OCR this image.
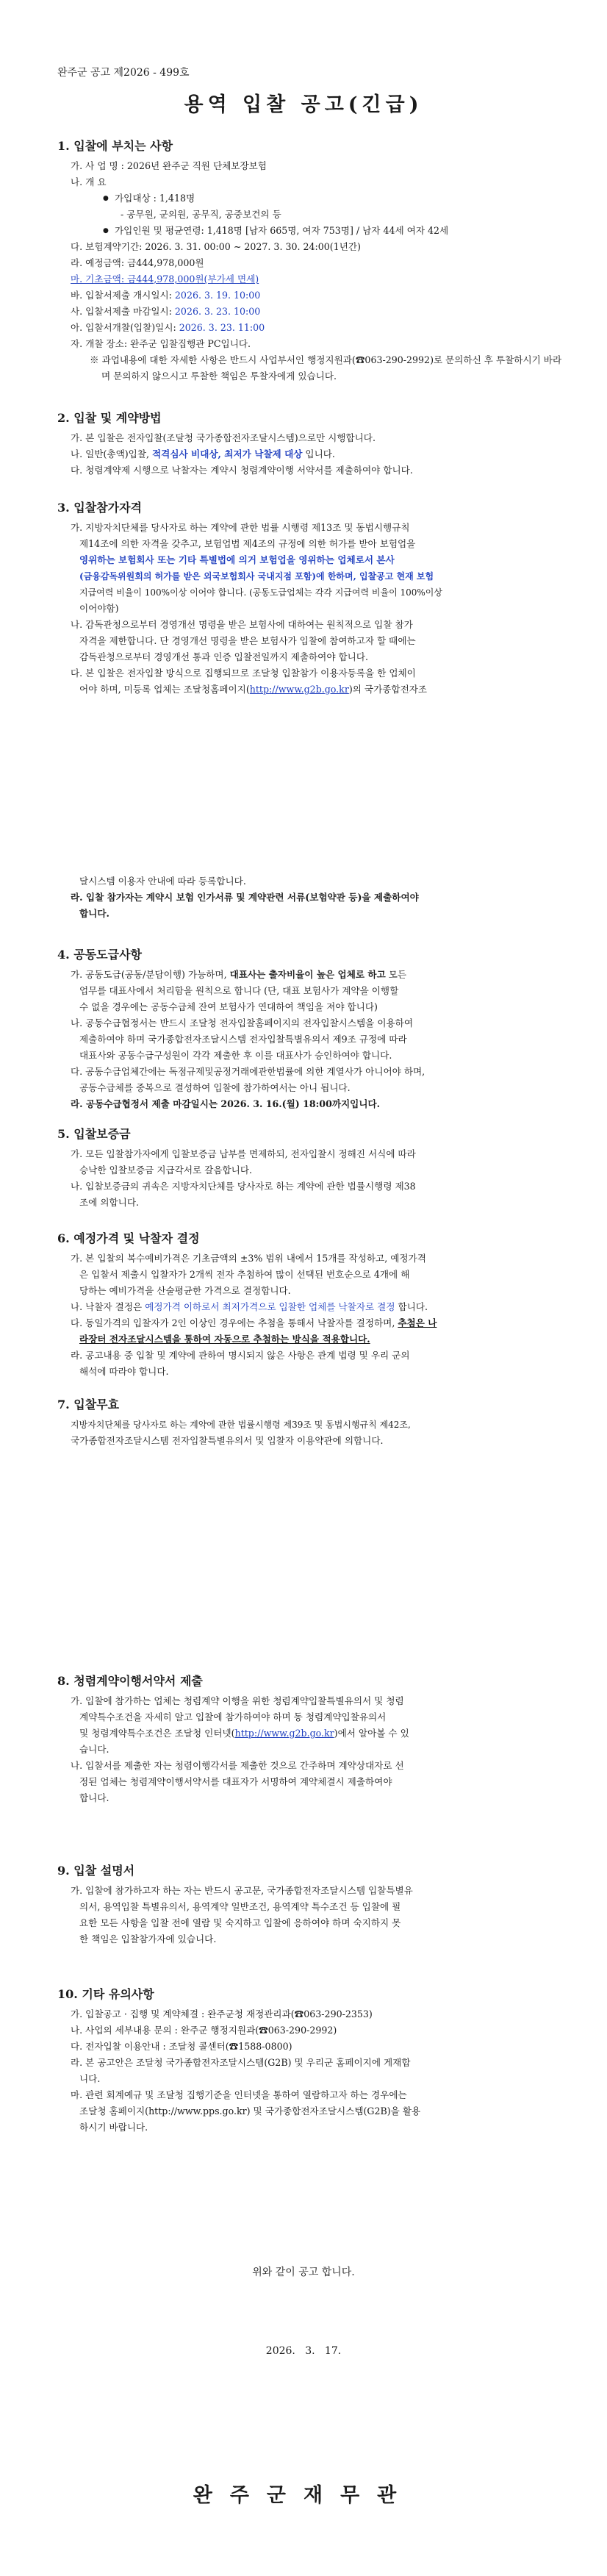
완주군 공고 제2026 - 499호
용역 입찰 공고(긴급)
1. 입찰에 부치는 사항
가. 사 업 명 : 2026년 완주군 직원 단체보장보험
나. 개 요
● 가입대상 : 1,418명
- 공무원, 군의원, 공무직, 공중보건의 등
● 가입인원 및 평균연령: 1,418명 [남자 665명, 여자 753명] / 남자 44세 여자 42세
다. 보험계약기간: 2026. 3. 31. 00:00 ~ 2027. 3. 30. 24:00(1년간)
라. 예정금액: 금444,978,000원
마. 기초금액: 금444,978,000원(부가세 면세)
바. 입찰서제출 개시일시: 2026. 3. 19. 10:00
사. 입찰서제출 마감일시: 2026. 3. 23. 10:00
아. 입찰서개찰(입찰)일시: 2026. 3. 23. 11:00
자. 개찰 장소: 완주군 입찰집행관 PC입니다.
※ 과업내용에 대한 자세한 사항은 반드시 사업부서인 행정지원과(☎063-290-2992)로 문의하신 후 투찰하시기 바라며 문의하지 않으시고 투찰한 책임은 투찰자에게 있습니다.
2. 입찰 및 계약방법
가. 본 입찰은 전자입찰(조달청 국가종합전자조달시스템)으로만 시행합니다.
나. 일반(총액)입찰, 적격심사 비대상, 최저가 낙찰제 대상 입니다.
다. 청렴계약제 시행으로 낙찰자는 계약시 청렴계약이행 서약서를 제출하여야 합니다.
3. 입찰참가자격
가. 지방자치단체를 당사자로 하는 계약에 관한 법률 시행령 제13조 및 동법시행규칙
제14조에 의한 자격을 갖추고, 보험업법 제4조의 규정에 의한 허가를 받아 보험업을
영위하는 보험회사 또는 기타 특별법에 의거 보험업을 영위하는 업체로서 본사
(금융감독위원회의 허가를 받은 외국보험회사 국내지점 포함)에 한하며, 입찰공고 현재 보험
지급여력 비율이 100%이상 이어야 합니다. (공동도급업체는 각각 지급여력 비율이 100%이상
이어야함)
나. 감독관청으로부터 경영개선 명령을 받은 보험사에 대하여는 원칙적으로 입찰 참가
자격을 제한합니다. 단 경영개선 명령을 받은 보험사가 입찰에 참여하고자 할 때에는
감독관청으로부터 경영개선 통과 인증 입찰전일까지 제출하여야 합니다.
다. 본 입찰은 전자입찰 방식으로 집행되므로 조달청 입찰참가 이용자등록을 한 업체이
어야 하며, 미등록 업체는 조달청홈페이지(http://www.g2b.go.kr)의 국가종합전자조
달시스템 이용자 안내에 따라 등록합니다.
라. 입찰 참가자는 계약시 보험 인가서류 및 계약관련 서류(보험약관 등)을 제출하여야
합니다.
4. 공동도급사항
가. 공동도급(공동/분담이행) 가능하며, 대표사는 출자비율이 높은 업체로 하고 모든
업무를 대표사에서 처리함을 원칙으로 합니다 (단, 대표 보험사가 계약을 이행할
수 없을 경우에는 공동수급체 잔여 보험사가 연대하여 책임을 져야 합니다)
나. 공동수급협정서는 반드시 조달청 전자입찰홈페이지의 전자입찰시스템을 이용하여
제출하여야 하며 국가종합전자조달시스템 전자입찰특별유의서 제9조 규정에 따라
대표사와 공동수급구성원이 각각 제출한 후 이를 대표사가 승인하여야 합니다.
다. 공동수급업체간에는 독점규제및공정거래에관한법률에 의한 계열사가 아니어야 하며,
공동수급체를 중복으로 결성하여 입찰에 참가하여서는 아니 됩니다.
라. 공동수급협정서 제출 마감일시는 2026. 3. 16.(월) 18:00까지입니다.
5. 입찰보증금
가. 모든 입찰참가자에게 입찰보증금 납부를 면제하되, 전자입찰시 정해진 서식에 따라
승낙한 입찰보증금 지급각서로 갈음합니다.
나. 입찰보증금의 귀속은 지방자치단체를 당사자로 하는 계약에 관한 법률시행령 제38
조에 의합니다.
6. 예정가격 및 낙찰자 결정
가. 본 입찰의 복수예비가격은 기초금액의 ±3% 범위 내에서 15개를 작성하고, 예정가격
은 입찰서 제출시 입찰자가 2개씩 전자 추첨하여 많이 선택된 번호순으로 4개에 해
당하는 예비가격을 산술평균한 가격으로 결정합니다.
나. 낙찰자 결정은 예정가격 이하로서 최저가격으로 입찰한 업체를 낙찰자로 결정 합니다.
다. 동일가격의 입찰자가 2인 이상인 경우에는 추첨을 통해서 낙찰자를 결정하며, 추첨은 나
라장터 전자조달시스템을 통하여 자동으로 추첨하는 방식을 적용합니다.
라. 공고내용 중 입찰 및 계약에 관하여 명시되지 않은 사항은 관계 법령 및 우리 군의
해석에 따라야 합니다.
7. 입찰무효
지방자치단체를 당사자로 하는 계약에 관한 법률시행령 제39조 및 동법시행규칙 제42조,
국가종합전자조달시스템 전자입찰특별유의서 및 입찰자 이용약관에 의합니다.
8. 청렴계약이행서약서 제출
가. 입찰에 참가하는 업체는 청렴계약 이행을 위한 청렴계약입찰특별유의서 및 청렴
계약특수조건을 자세히 알고 입찰에 참가하여야 하며 동 청렴계약입찰유의서
및 청렴계약특수조건은 조달청 인터넷(http://www.g2b.go.kr)에서 알아볼 수 있
습니다.
나. 입찰서를 제출한 자는 청렴이행각서를 제출한 것으로 간주하며 계약상대자로 선
정된 업체는 청렴계약이행서약서를 대표자가 서명하여 계약체결시 제출하여야
합니다.
9. 입찰 설명서
가. 입찰에 참가하고자 하는 자는 반드시 공고문, 국가종합전자조달시스템 입찰특별유
의서, 용역입찰 특별유의서, 용역계약 일반조건, 용역계약 특수조건 등 입찰에 필
요한 모든 사항을 입찰 전에 열람 및 숙지하고 입찰에 응하여야 하며 숙지하지 못
한 책임은 입찰참가자에 있습니다.
10. 기타 유의사항
가. 입찰공고 · 집행 및 계약체결 : 완주군청 재정관리과(☎063-290-2353)
나. 사업의 세부내용 문의 : 완주군 행정지원과(☎063-290-2992)
다. 전자입찰 이용안내 : 조달청 콜센터(☎1588-0800)
라. 본 공고안은 조달청 국가종합전자조달시스템(G2B) 및 우리군 홈페이지에 게재합
니다.
마. 관련 회계예규 및 조달청 집행기준을 인터넷을 통하여 열람하고자 하는 경우에는
조달청 홈페이지(http://www.pps.go.kr) 및 국가종합전자조달시스템(G2B)을 활용
하시기 바랍니다.
위와 같이 공고 합니다.
2026.   3.   17.
완주군재무관
